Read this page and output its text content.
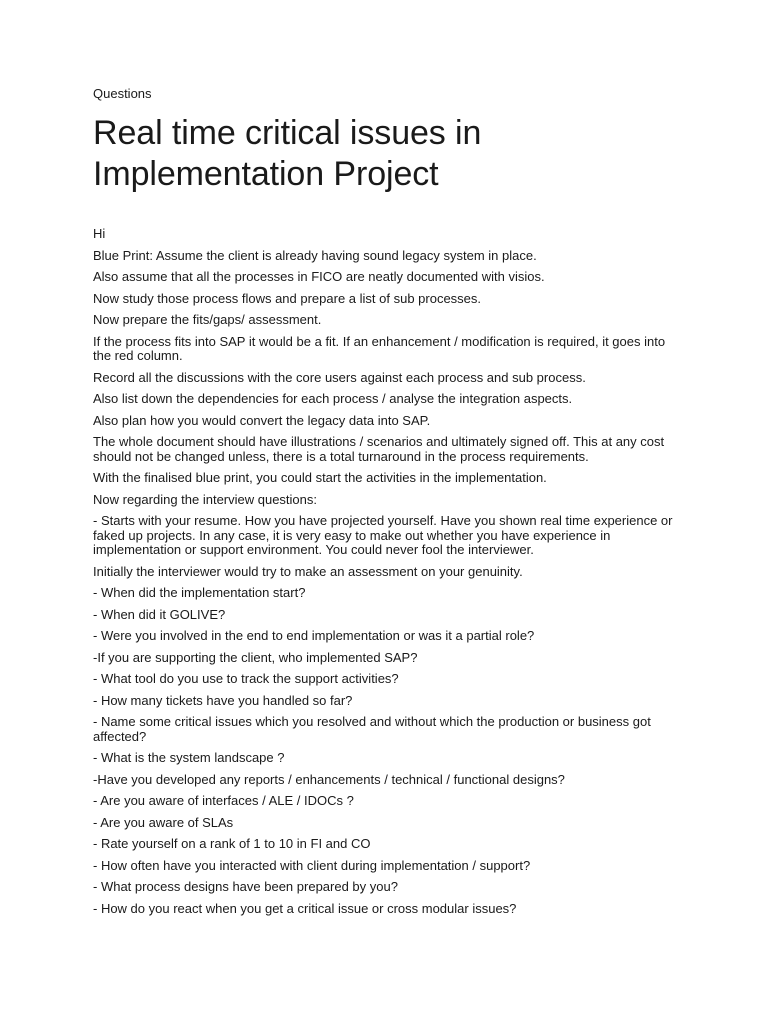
Questions
Real time critical issues in Implementation Project

Hi

Blue Print: Assume the client is already having sound legacy system in place.

Also assume that all the processes in FICO are neatly documented with visios.

Now study those process flows and prepare a list of sub processes.

Now prepare the fits/gaps/ assessment.

If the process fits into SAP it would be a fit. If an enhancement / modification is required, it goes into the red column.

Record all the discussions with the core users against each process and sub process.

Also list down the dependencies for each process / analyse the integration aspects.

Also plan how you would convert the legacy data into SAP.

The whole document should have illustrations / scenarios and ultimately signed off. This at any cost should not be changed unless, there is a total turnaround in the process requirements.

With the finalised blue print, you could start the activities in the implementation.

Now regarding the interview questions:

- Starts with your resume. How you have projected yourself. Have you shown real time experience or faked up projects. In any case, it is very easy to make out whether you have experience in implementation or support environment. You could never fool the interviewer.

Initially the interviewer would try to make an assessment on your genuinity.

- When did the implementation start?

- When did it GOLIVE?

- Were you involved in the end to end implementation or was it a partial role?

-If you are supporting the client, who implemented SAP?

- What tool do you use to track the support activities?

- How many tickets have you handled so far?

- Name some critical issues which you resolved and without which the production or business got affected?

- What is the system landscape ?

-Have you developed any reports / enhancements / technical / functional designs?

- Are you aware of interfaces / ALE / IDOCs ?

- Are you aware of SLAs

- Rate yourself on a rank of 1 to 10 in FI and CO

- How often have you interacted with client during implementation / support?

- What process designs have been prepared by you?

- How do you react when you get a critical issue or cross modular issues?
